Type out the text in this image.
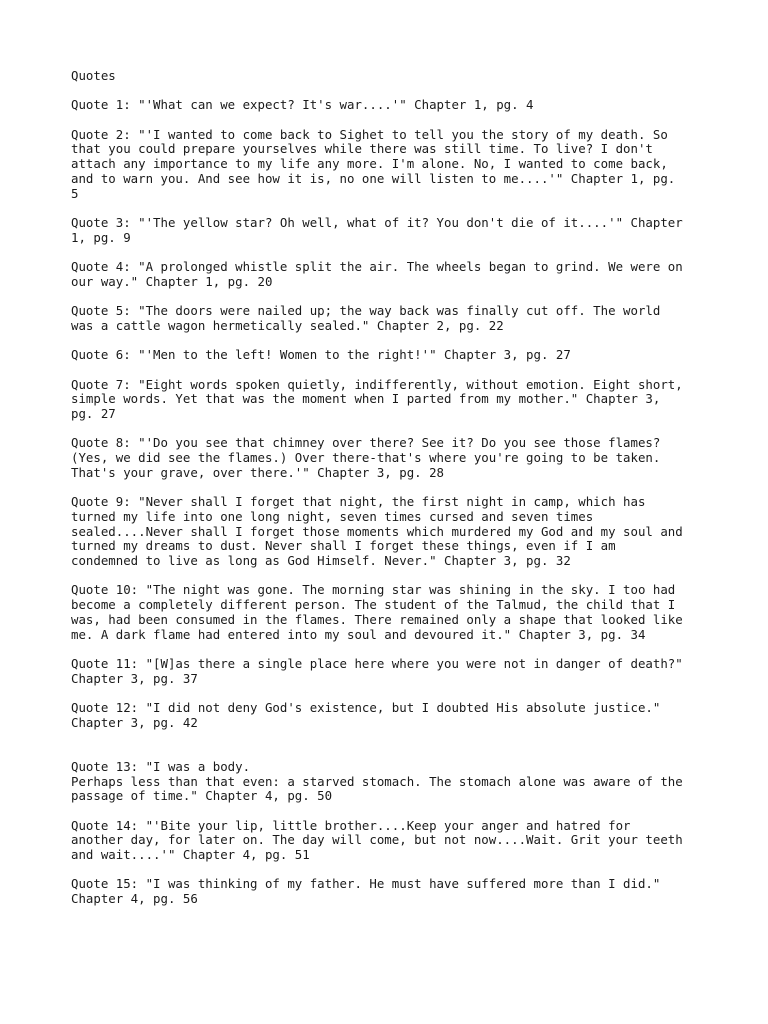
Quotes
Quote 1: "'What can we expect? It's war....'" Chapter 1, pg. 4
Quote 2: "'I wanted to come back to Sighet to tell you the story of my death. So
that you could prepare yourselves while there was still time. To live? I don't
attach any importance to my life any more. I'm alone. No, I wanted to come back,
and to warn you. And see how it is, no one will listen to me....'" Chapter 1, pg.
5
Quote 3: "'The yellow star? Oh well, what of it? You don't die of it....'" Chapter
1, pg. 9
Quote 4: "A prolonged whistle split the air. The wheels began to grind. We were on
our way." Chapter 1, pg. 20
Quote 5: "The doors were nailed up; the way back was finally cut off. The world
was a cattle wagon hermetically sealed." Chapter 2, pg. 22
Quote 6: "'Men to the left! Women to the right!'" Chapter 3, pg. 27
Quote 7: "Eight words spoken quietly, indifferently, without emotion. Eight short,
simple words. Yet that was the moment when I parted from my mother." Chapter 3,
pg. 27
Quote 8: "'Do you see that chimney over there? See it? Do you see those flames?
(Yes, we did see the flames.) Over there-that's where you're going to be taken.
That's your grave, over there.'" Chapter 3, pg. 28
Quote 9: "Never shall I forget that night, the first night in camp, which has
turned my life into one long night, seven times cursed and seven times
sealed....Never shall I forget those moments which murdered my God and my soul and
turned my dreams to dust. Never shall I forget these things, even if I am
condemned to live as long as God Himself. Never." Chapter 3, pg. 32
Quote 10: "The night was gone. The morning star was shining in the sky. I too had
become a completely different person. The student of the Talmud, the child that I
was, had been consumed in the flames. There remained only a shape that looked like
me. A dark flame had entered into my soul and devoured it." Chapter 3, pg. 34
Quote 11: "[W]as there a single place here where you were not in danger of death?"
Chapter 3, pg. 37
Quote 12: "I did not deny God's existence, but I doubted His absolute justice."
Chapter 3, pg. 42
Quote 13: "I was a body.
Perhaps less than that even: a starved stomach. The stomach alone was aware of the
passage of time." Chapter 4, pg. 50
Quote 14: "'Bite your lip, little brother....Keep your anger and hatred for
another day, for later on. The day will come, but not now....Wait. Grit your teeth
and wait....'" Chapter 4, pg. 51
Quote 15: "I was thinking of my father. He must have suffered more than I did."
Chapter 4, pg. 56
